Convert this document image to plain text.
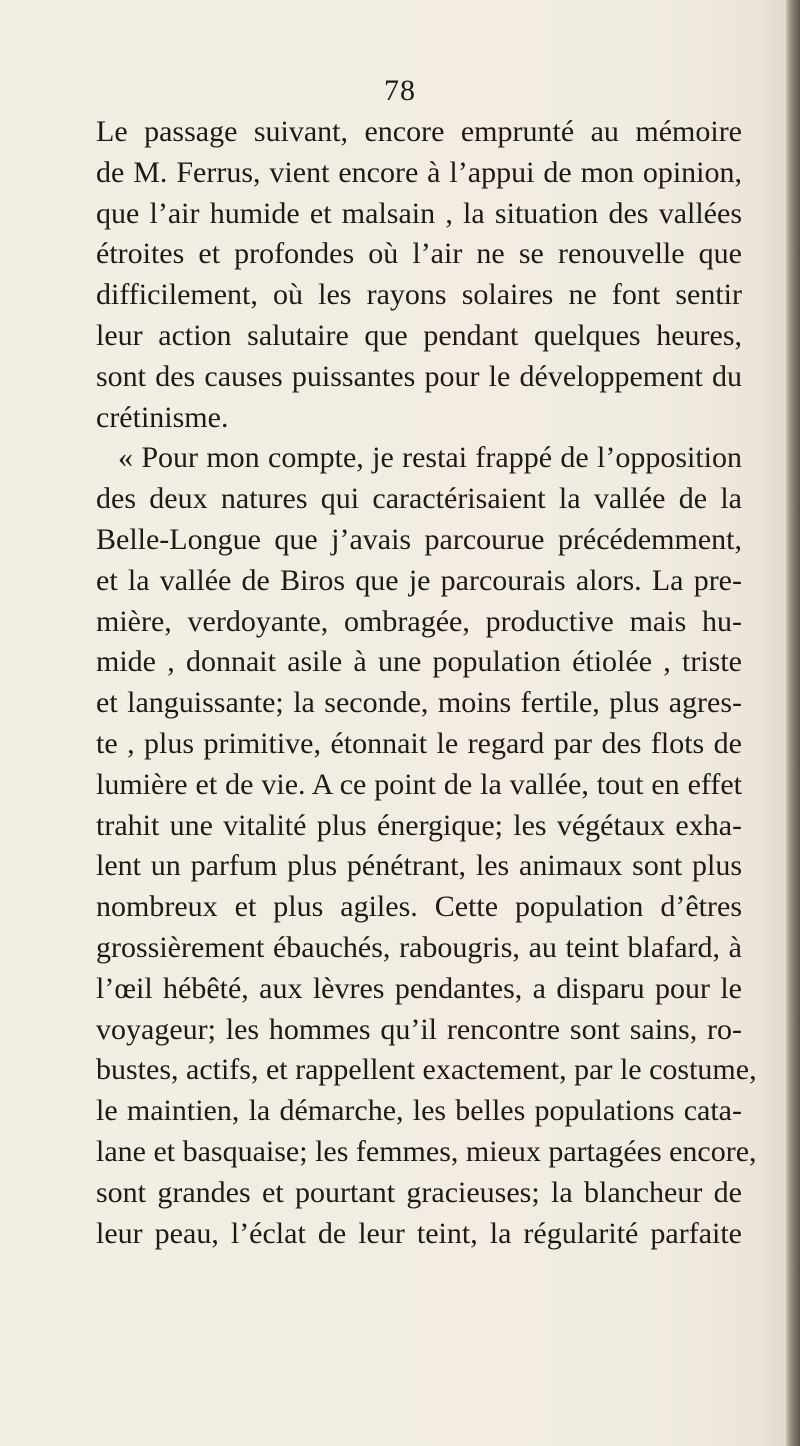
78
Le passage suivant, encore emprunté au mémoire
de M. Ferrus, vient encore à l’appui de mon opinion,
que l’air humide et malsain , la situation des vallées
étroites et profondes où l’air ne se renouvelle que
difficilement, où les rayons solaires ne font sentir
leur action salutaire que pendant quelques heures,
sont des causes puissantes pour le développement du
crétinisme.
« Pour mon compte, je restai frappé de l’opposition
des deux natures qui caractérisaient la vallée de la
Belle-Longue que j’avais parcourue précédemment,
et la vallée de Biros que je parcourais alors. La pre-
mière, verdoyante, ombragée, productive mais hu-
mide , donnait asile à une population étiolée , triste
et languissante; la seconde, moins fertile, plus agres-
te , plus primitive, étonnait le regard par des flots de
lumière et de vie. A ce point de la vallée, tout en effet
trahit une vitalité plus énergique; les végétaux exha-
lent un parfum plus pénétrant, les animaux sont plus
nombreux et plus agiles. Cette population d’êtres
grossièrement ébauchés, rabougris, au teint blafard, à
l’œil hébêté, aux lèvres pendantes, a disparu pour le
voyageur; les hommes qu’il rencontre sont sains, ro-
bustes, actifs, et rappellent exactement, par le costume,
le maintien, la démarche, les belles populations cata-
lane et basquaise; les femmes, mieux partagées encore,
sont grandes et pourtant gracieuses; la blancheur de
leur peau, l’éclat de leur teint, la régularité parfaite
